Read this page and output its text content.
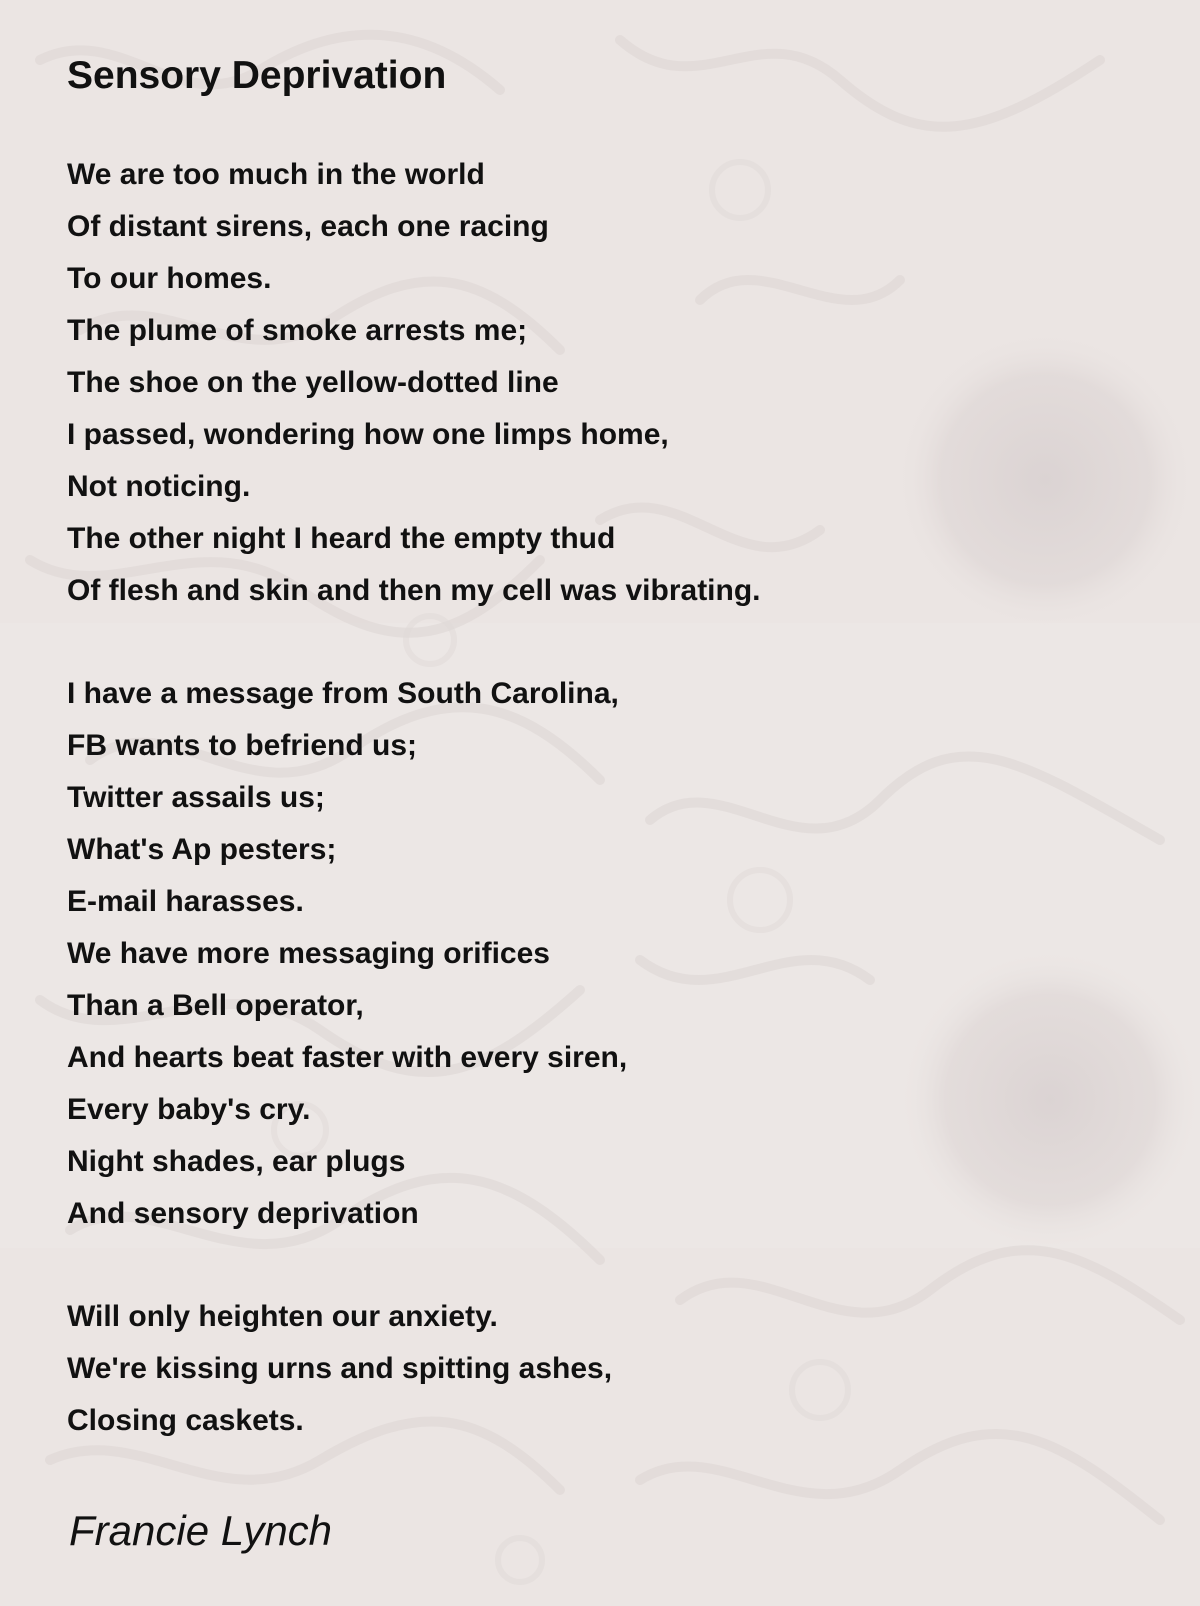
Sensory Deprivation
We are too much in the world
Of distant sirens, each one racing
To our homes.
The plume of smoke arrests me;
The shoe on the yellow-dotted line
I passed, wondering how one limps home,
Not noticing.
The other night I heard the empty thud
Of flesh and skin and then my cell was vibrating.
I have a message from South Carolina,
FB wants to befriend us;
Twitter assails us;
What's Ap pesters;
E-mail harasses.
We have more messaging orifices
Than a Bell operator,
And hearts beat faster with every siren,
Every baby's cry.
Night shades, ear plugs
And sensory deprivation
Will only heighten our anxiety.
We're kissing urns and spitting ashes,
Closing caskets.
Francie Lynch
